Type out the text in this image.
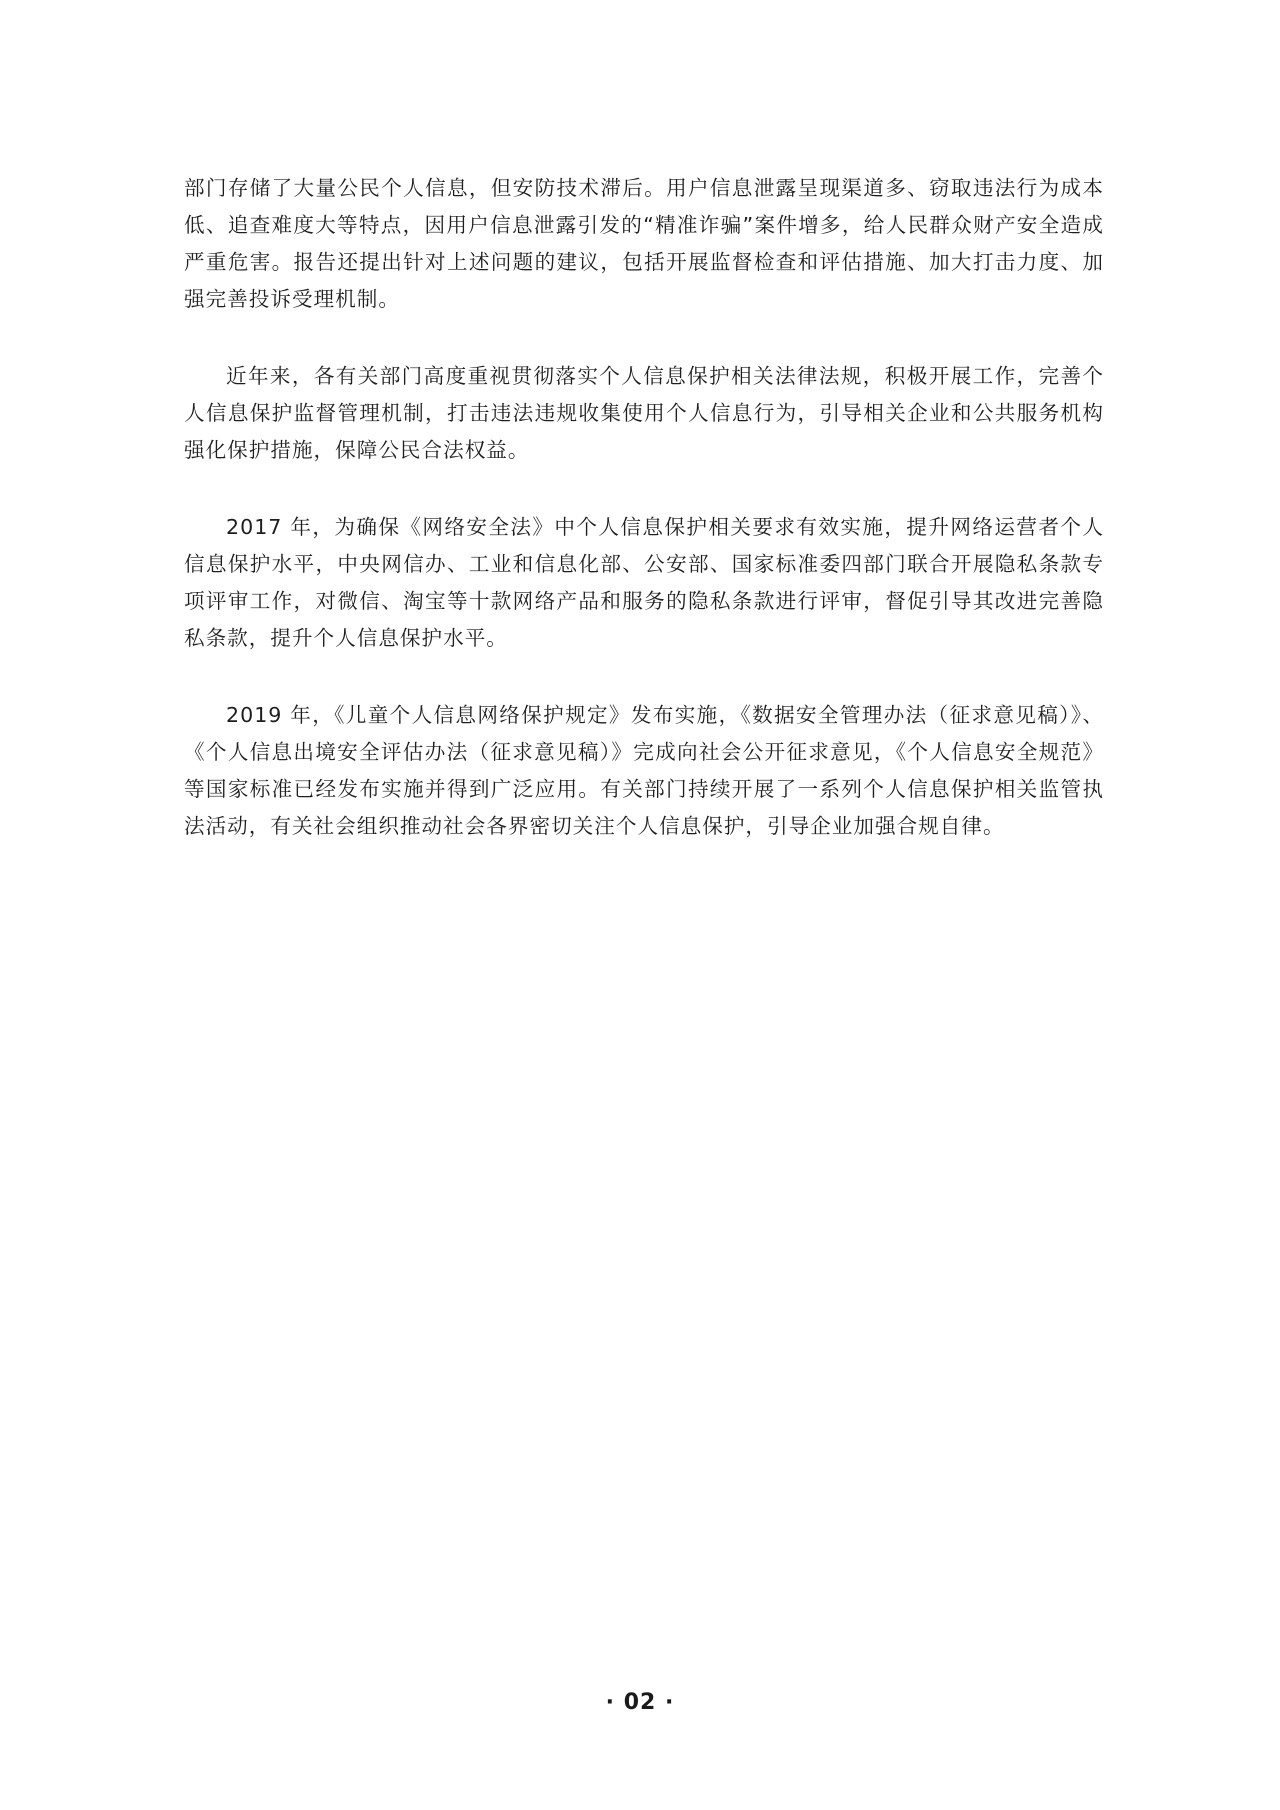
部门存储了大量公民个人信息，但安防技术滞后。用户信息泄露呈现渠道多、窃取违法行为成本低、追查难度大等特点，因用户信息泄露引发的“精准诈骗”案件增多，给人民群众财产安全造成严重危害。报告还提出针对上述问题的建议，包括开展监督检查和评估措施、加大打击力度、加强完善投诉受理机制。

近年来，各有关部门高度重视贯彻落实个人信息保护相关法律法规，积极开展工作，完善个人信息保护监督管理机制，打击违法违规收集使用个人信息行为，引导相关企业和公共服务机构强化保护措施，保障公民合法权益。

2017 年，为确保《网络安全法》中个人信息保护相关要求有效实施，提升网络运营者个人信息保护水平，中央网信办、工业和信息化部、公安部、国家标准委四部门联合开展隐私条款专项评审工作，对微信、淘宝等十款网络产品和服务的隐私条款进行评审，督促引导其改进完善隐私条款，提升个人信息保护水平。

2019 年，《儿童个人信息网络保护规定》发布实施，《数据安全管理办法（征求意见稿）》、《个人信息出境安全评估办法（征求意见稿）》完成向社会公开征求意见，《个人信息安全规范》等国家标准已经发布实施并得到广泛应用。有关部门持续开展了一系列个人信息保护相关监管执法活动，有关社会组织推动社会各界密切关注个人信息保护，引导企业加强合规自律。

· 02 ·
